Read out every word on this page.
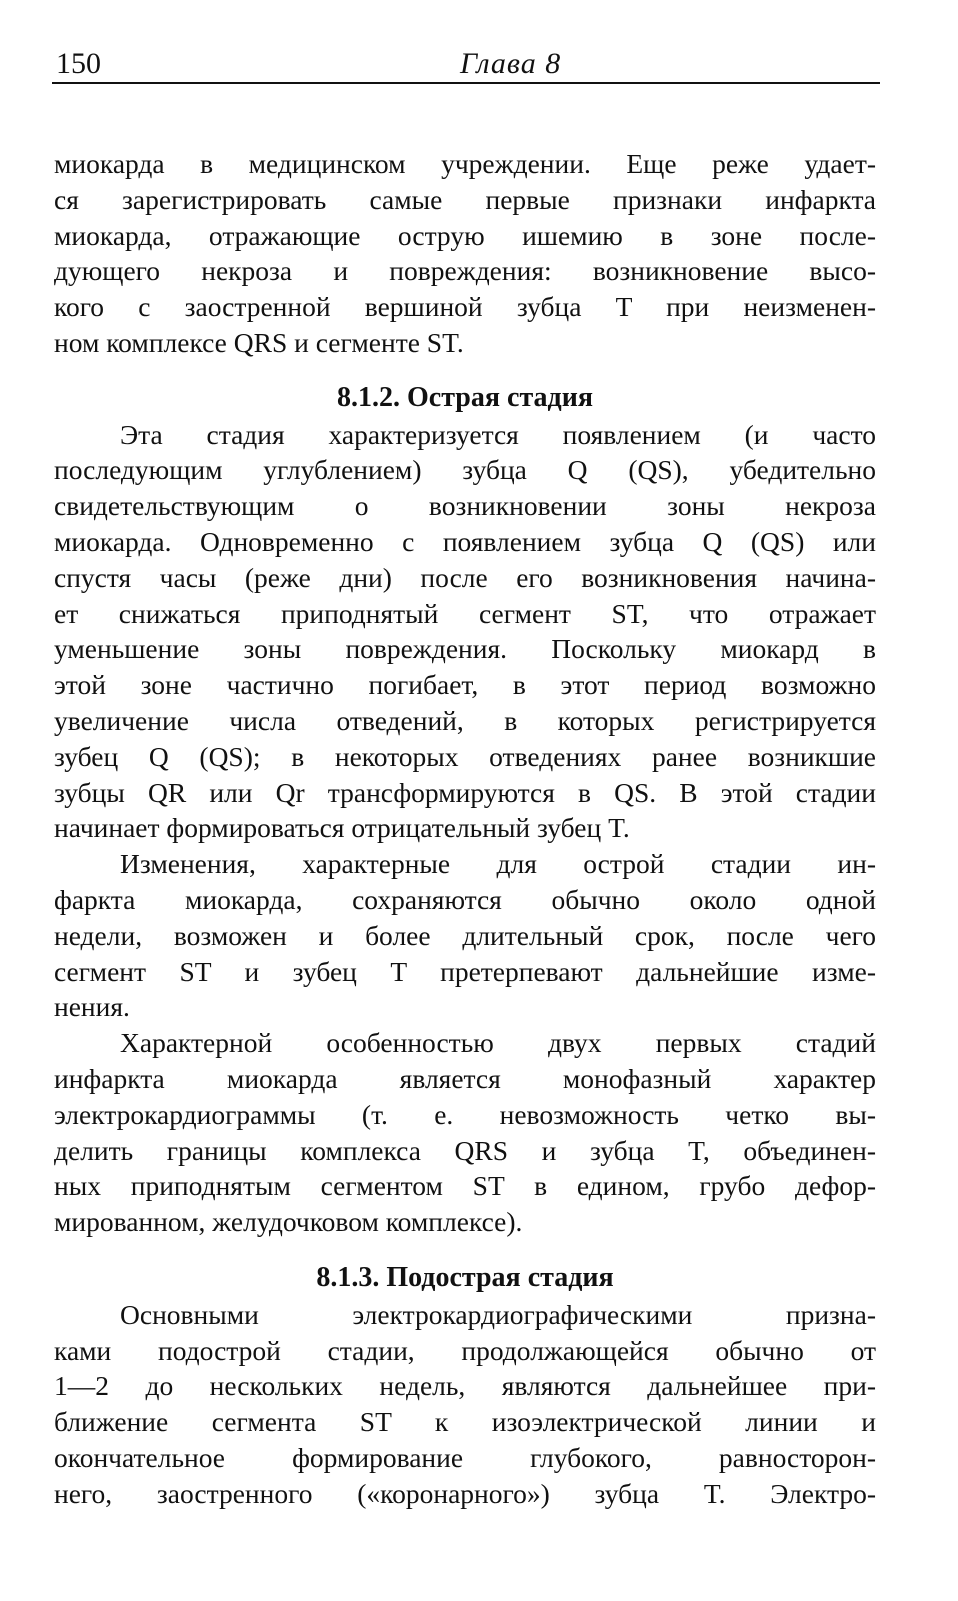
150	Глава 8
миокарда в медицинском учреждении. Еще реже удает-
ся зарегистрировать самые первые признаки инфаркта
миокарда, отражающие острую ишемию в зоне после-
дующего некроза и повреждения: возникновение высо-
кого с заостренной вершиной зубца T при неизменен-
ном комплексе QRS и сегменте ST.
8.1.2. Острая стадия
Эта стадия характеризуется появлением (и часто
последующим углублением) зубца Q (QS), убедительно
свидетельствующим о возникновении зоны некроза
миокарда. Одновременно с появлением зубца Q (QS) или
спустя часы (реже дни) после его возникновения начина-
ет снижаться приподнятый сегмент ST, что отражает
уменьшение зоны повреждения. Поскольку миокард в
этой зоне частично погибает, в этот период возможно
увеличение числа отведений, в которых регистрируется
зубец Q (QS); в некоторых отведениях ранее возникшие
зубцы QR или Qr трансформируются в QS. В этой стадии
начинает формироваться отрицательный зубец T.
Изменения, характерные для острой стадии ин-
фаркта миокарда, сохраняются обычно около одной
недели, возможен и более длительный срок, после чего
сегмент ST и зубец T претерпевают дальнейшие изме-
нения.
Характерной особенностью двух первых стадий
инфаркта миокарда является монофазный характер
электрокардиограммы (т. е. невозможность четко вы-
делить границы комплекса QRS и зубца T, объединен-
ных приподнятым сегментом ST в едином, грубо дефор-
мированном, желудочковом комплексе).
8.1.3. Подострая стадия
Основными электрокардиографическими призна-
ками подострой стадии, продолжающейся обычно от
1—2 до нескольких недель, являются дальнейшее при-
ближение сегмента ST к изоэлектрической линии и
окончательное формирование глубокого, равносторон-
него, заостренного («коронарного») зубца T. Электро-
